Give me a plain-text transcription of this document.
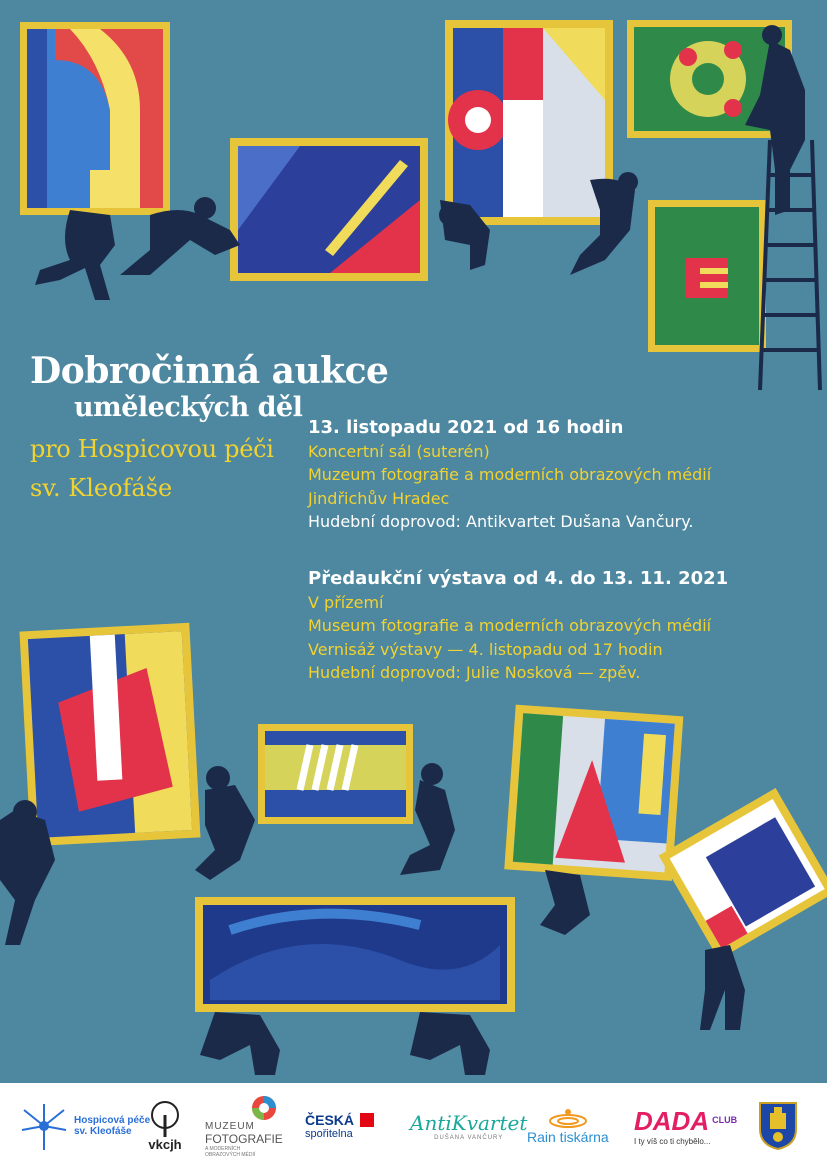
Dobročinná aukce
uměleckých děl
pro Hospicovou péči
sv. Kleofáše
13. listopadu 2021 od 16 hodin
Koncertní sál (suterén)
Muzeum fotografie a moderních obrazových médií
Jindřichův Hradec
Hudební doprovod: Antikvartet Dušana Vančury.
Předaukční výstava od 4. do 13. 11. 2021
V přízemí
Museum fotografie a moderních obrazových médií
Vernisáž výstavy — 4. listopadu od 17 hodin
Hudební doprovod: Julie Nosková — zpěv.
Hospicová péče
sv. Kleofáše
vkcjh
MUZEUM
FOTOGRAFIE
A MODERNÍCH
OBRAZOVÝCH MÉDIÍ
ČESKÁ
spořitelna	AntiKvartet
DUŠANA VANČURY Rain tiskárna
DADA CLUB
I ty víš co ti chybělo...
